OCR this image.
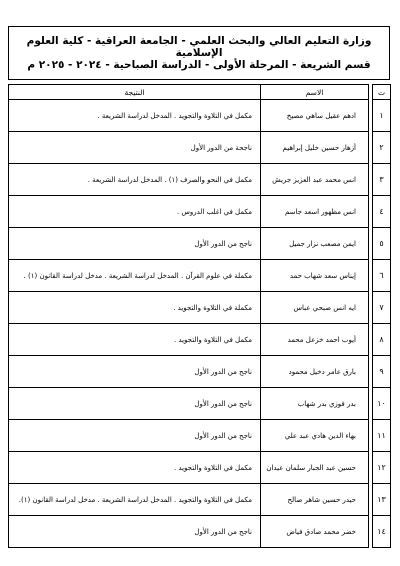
وزارة التعليم العالي والبحث العلمي - الجامعة العراقية - كلية العلوم الإسلامية
قسم الشريعة - المرحلة الأولى - الدراسة الصباحية - ٢٠٢٤ - ٢٠٢٥ م
ت		الاسم	النتيجة
١		ادهم عقيل ساهي مصيخ	مكمل في التلاوة والتجويد . المدخل لدراسة الشريعة .
٢		أزهار حسين خليل إبراهيم	ناجحة من الدور الأول
٣		انس محمد عبد العزيز جريش	مكمل في النحو والصرف (١) . المدخل لدراسة الشريعة .
٤		انس مظهور اسعد جاسم	مكمل في اغلب الدروس .
٥		ايمن مصعب نزار جميل	ناجح من الدور الأول
٦		إيناس سعد شهاب حمد	مكملة في علوم القرآن . المدخل لدراسة الشريعة . مدخل لدراسة القانون (١) .
٧		ايه انس صبحي عباس	مكملة في التلاوة والتجويد .
٨		أيوب احمد خزعل محمد	مكمل في التلاوة والتجويد .
٩		بارق عامر دخيل محمود	ناجح من الدور الأول
١٠		بدر فوزي بدر شهاب	ناجح من الدور الأول
١١		بهاء الدين هادي عبد علي	ناجح من الدور الأول
١٢		حسين عبد الجبار سلمان عيدان	مكمل في التلاوة والتجويد .
١٣		حيدر حسين شاهر صالح	مكمل في التلاوة والتجويد . المدخل لدراسة الشريعة . مدخل لدراسة القانون (١).
١٤		خضر محمد صادق فياض	ناجح من الدور الأول
